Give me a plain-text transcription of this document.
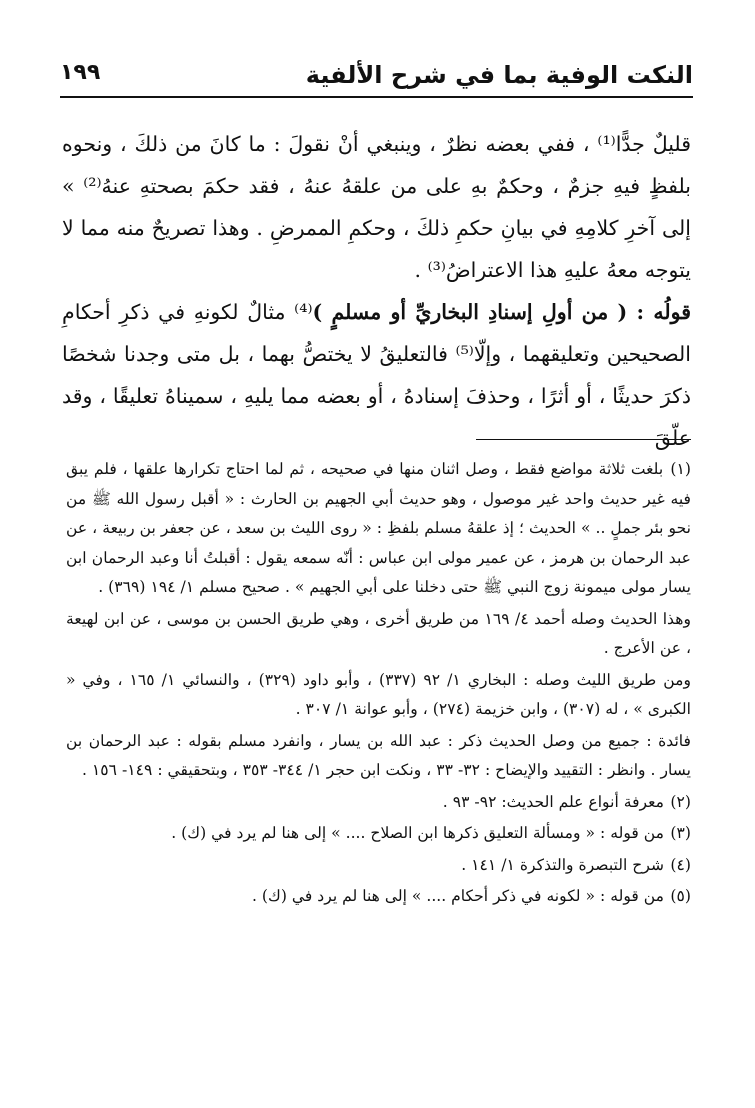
النكت الوفية بما في شرح الألفية
١٩٩

قليلٌ جدًّا⁽¹⁾ ، ففي بعضه نظرٌ ، وينبغي أنْ نقولَ : ما كانَ من ذلكَ ، ونحوه بلفظٍ فيهِ جزمٌ ، وحكمٌ بهِ على من علقهُ عنهُ ، فقد حكمَ بصحتهِ عنهُ⁽²⁾ » إلى آخرِ كلامِهِ في بيانِ حكمِ ذلكَ ، وحكمِ الممرضِ . وهذا تصريحٌ منه مما لا يتوجه معهُ عليهِ هذا الاعتراضُ⁽³⁾ .

قولُه : ( من أولِ إسنادِ البخاريِّ أو مسلمٍ )⁽⁴⁾ مثالٌ لكونهِ في ذكرِ أحكامِ الصحيحين وتعليقهما ، وإلّا⁽⁵⁾ فالتعليقُ لا يختصُّ بهما ، بل متى وجدنا شخصًا ذكرَ حديثًا ، أو أثرًا ، وحذفَ إسنادهُ ، أو بعضه مما يليهِ ، سميناهُ تعليقًا ، وقد علّقَ

(١) بلغت ثلاثة مواضع فقط ، وصل اثنان منها في صحيحه ، ثم لما احتاج تكرارها علقها ، فلم يبق فيه غير حديث واحد غير موصول ، وهو حديث أبي الجهيم بن الحارث : « أقبل رسول الله ﷺ من نحو بئر جملٍ .. » الحديث ؛ إذ علقهُ مسلم بلفظِ : « روى الليث بن سعد ، عن جعفر بن ربيعة ، عن عبد الرحمان بن هرمز ، عن عمير مولى ابن عباس : أنّه سمعه يقول : أقبلتُ أنا وعبد الرحمان ابن يسار مولى ميمونة زوج النبي ﷺ حتى دخلنا على أبي الجهيم » . صحيح مسلم ١/ ١٩٤ (٣٦٩) .

وهذا الحديث وصله أحمد ٤/ ١٦٩ من طريق أخرى ، وهي طريق الحسن بن موسى ، عن ابن لهيعة ، عن الأعرج .

ومن طريق الليث وصله : البخاري ١/ ٩٢ (٣٣٧) ، وأبو داود (٣٢٩) ، والنسائي ١/ ١٦٥ ، وفي « الكبرى » ، له (٣٠٧) ، وابن خزيمة (٢٧٤) ، وأبو عوانة ١/ ٣٠٧ .

فائدة : جميع من وصل الحديث ذكر : عبد الله بن يسار ، وانفرد مسلم بقوله : عبد الرحمان بن يسار . وانظر : التقييد والإيضاح : ٣٢- ٣٣ ، ونكت ابن حجر ١/ ٣٤٤- ٣٥٣ ، وبتحقيقي : ١٤٩- ١٥٦ .

(٢) معرفة أنواع علم الحديث: ٩٢- ٩٣ .

(٣) من قوله : « ومسألة التعليق ذكرها ابن الصلاح .... » إلى هنا لم يرد في (ك) .

(٤) شرح التبصرة والتذكرة ١/ ١٤١ .

(٥) من قوله : « لكونه في ذكر أحكام .... » إلى هنا لم يرد في (ك) .
